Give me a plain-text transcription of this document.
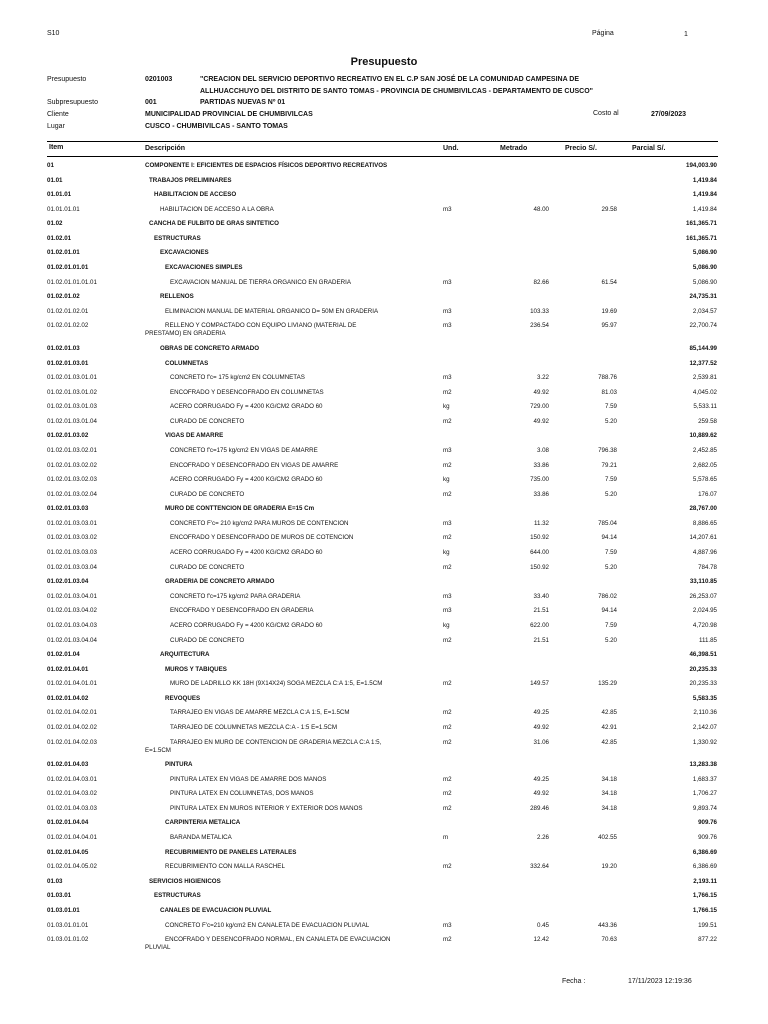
S10	Página	1
Presupuesto
Presupuesto	0201003	"CREACION DEL SERVICIO DEPORTIVO RECREATIVO EN EL C.P SAN JOSÉ DE LA COMUNIDAD CAMPESINA DE
ALLHUACCHUYO DEL DISTRITO DE SANTO TOMAS - PROVINCIA DE CHUMBIVILCAS - DEPARTAMENTO DE CUSCO"
Subpresupuesto	001	PARTIDAS NUEVAS Nº 01
Cliente	MUNICIPALIDAD PROVINCIAL DE CHUMBIVILCAS	Costo al	27/09/2023
Lugar	CUSCO - CHUMBIVILCAS - SANTO TOMAS
Item	Descripción	Und.	Metrado	Precio S/.	Parcial S/.
01	COMPONENTE I: EFICIENTES DE ESPACIOS FÍSICOS DEPORTIVO RECREATIVOS	194,003.90
01.01	TRABAJOS PRELIMINARES	1,419.84
01.01.01	HABILITACION DE ACCESO	1,419.84
01.01.01.01	HABILITACION DE ACCESO A LA OBRA	m3	48.00	29.58	1,419.84
01.02	CANCHA DE FULBITO DE GRAS SINTETICO	161,365.71
01.02.01	ESTRUCTURAS	161,365.71
01.02.01.01	EXCAVACIONES	5,086.90
01.02.01.01.01	EXCAVACIONES SIMPLES	5,086.90
01.02.01.01.01.01	EXCAVACION MANUAL DE TIERRA ORGANICO EN GRADERIA	m3	82.66	61.54	5,086.90
01.02.01.02	RELLENOS	24,735.31
01.02.01.02.01	ELIMINACION MANUAL DE MATERIAL ORGANICO D= 50M EN GRADERIA	m3	103.33	19.69	2,034.57
01.02.01.02.02	RELLENO Y COMPACTADO CON EQUIPO LIVIANO (MATERIAL DE	m3	236.54	95.97	22,700.74
PRESTAMO) EN GRADERIA
01.02.01.03	OBRAS DE CONCRETO ARMADO	85,144.99
01.02.01.03.01	COLUMNETAS	12,377.52
01.02.01.03.01.01	CONCRETO f'c= 175 kg/cm2 EN COLUMNETAS	m3	3.22	788.76	2,539.81
01.02.01.03.01.02	ENCOFRADO Y DESENCOFRADO EN COLUMNETAS	m2	49.92	81.03	4,045.02
01.02.01.03.01.03	ACERO CORRUGADO Fy = 4200 KG/CM2 GRADO 60	kg	729.00	7.59	5,533.11
01.02.01.03.01.04	CURADO DE CONCRETO	m2	49.92	5.20	259.58
01.02.01.03.02	VIGAS DE AMARRE	10,889.62
01.02.01.03.02.01	CONCRETO f'c=175 kg/cm2 EN VIGAS DE AMARRE	m3	3.08	796.38	2,452.85
01.02.01.03.02.02	ENCOFRADO Y DESENCOFRADO EN VIGAS DE AMARRE	m2	33.86	79.21	2,682.05
01.02.01.03.02.03	ACERO CORRUGADO Fy = 4200 KG/CM2 GRADO 60	kg	735.00	7.59	5,578.65
01.02.01.03.02.04	CURADO DE CONCRETO	m2	33.86	5.20	176.07
01.02.01.03.03	MURO DE CONTTENCION DE GRADERIA E=15 Cm	28,767.00
01.02.01.03.03.01	CONCRETO F'c= 210 kg/cm2 PARA MUROS DE CONTENCION	m3	11.32	785.04	8,886.65
01.02.01.03.03.02	ENCOFRADO Y DESENCOFRADO DE MUROS DE COTENCION	m2	150.92	94.14	14,207.61
01.02.01.03.03.03	ACERO CORRUGADO Fy = 4200 KG/CM2 GRADO 60	kg	644.00	7.59	4,887.96
01.02.01.03.03.04	CURADO DE CONCRETO	m2	150.92	5.20	784.78
01.02.01.03.04	GRADERIA DE CONCRETO ARMADO	33,110.85
01.02.01.03.04.01	CONCRETO f'c=175 kg/cm2 PARA GRADERIA	m3	33.40	786.02	26,253.07
01.02.01.03.04.02	ENCOFRADO Y DESENCOFRADO EN GRADERIA	m3	21.51	94.14	2,024.95
01.02.01.03.04.03	ACERO CORRUGADO Fy = 4200 KG/CM2 GRADO 60	kg	622.00	7.59	4,720.98
01.02.01.03.04.04	CURADO DE CONCRETO	m2	21.51	5.20	111.85
01.02.01.04	ARQUITECTURA	46,398.51
01.02.01.04.01	MUROS Y TABIQUES	20,235.33
01.02.01.04.01.01	MURO DE LADRILLO KK 18H (9X14X24) SOGA MEZCLA C:A 1:5, E=1.5CM	m2	149.57	135.29	20,235.33
01.02.01.04.02	REVOQUES	5,583.35
01.02.01.04.02.01	TARRAJEO EN VIGAS DE AMARRE MEZCLA C:A 1:5, E=1.5CM	m2	49.25	42.85	2,110.36
01.02.01.04.02.02	TARRAJEO DE COLUMNETAS MEZCLA C:A - 1:5 E=1.5CM	m2	49.92	42.91	2,142.07
01.02.01.04.02.03	TARRAJEO EN MURO DE CONTENCION DE GRADERIA MEZCLA C:A 1:5,	m2	31.06	42.85	1,330.92
E=1.5CM
01.02.01.04.03	PINTURA	13,283.38
01.02.01.04.03.01	PINTURA LATEX EN VIGAS DE AMARRE DOS MANOS	m2	49.25	34.18	1,683.37
01.02.01.04.03.02	PINTURA LATEX EN COLUMNETAS, DOS MANOS	m2	49.92	34.18	1,706.27
01.02.01.04.03.03	PINTURA LATEX EN MUROS INTERIOR Y EXTERIOR DOS MANOS	m2	289.46	34.18	9,893.74
01.02.01.04.04	CARPINTERIA METALICA	909.76
01.02.01.04.04.01	BARANDA METALICA	m	2.26	402.55	909.76
01.02.01.04.05	RECUBRIMIENTO DE PANELES LATERALES	6,386.69
01.02.01.04.05.02	RECUBRIMIENTO CON MALLA RASCHEL	m2	332.64	19.20	6,386.69
01.03	SERVICIOS HIGIENICOS	2,193.11
01.03.01	ESTRUCTURAS	1,766.15
01.03.01.01	CANALES DE EVACUACION PLUVIAL	1,766.15
01.03.01.01.01	CONCRETO F'c=210 kg/cm2 EN CANALETA DE EVACUACION PLUVIAL	m3	0.45	443.36	199.51
01.03.01.01.02	ENCOFRADO Y DESENCOFRADO NORMAL, EN CANALETA DE EVACUACION	m2	12.42	70.63	877.22
PLUVIAL
Fecha :	17/11/2023 12:19:36
